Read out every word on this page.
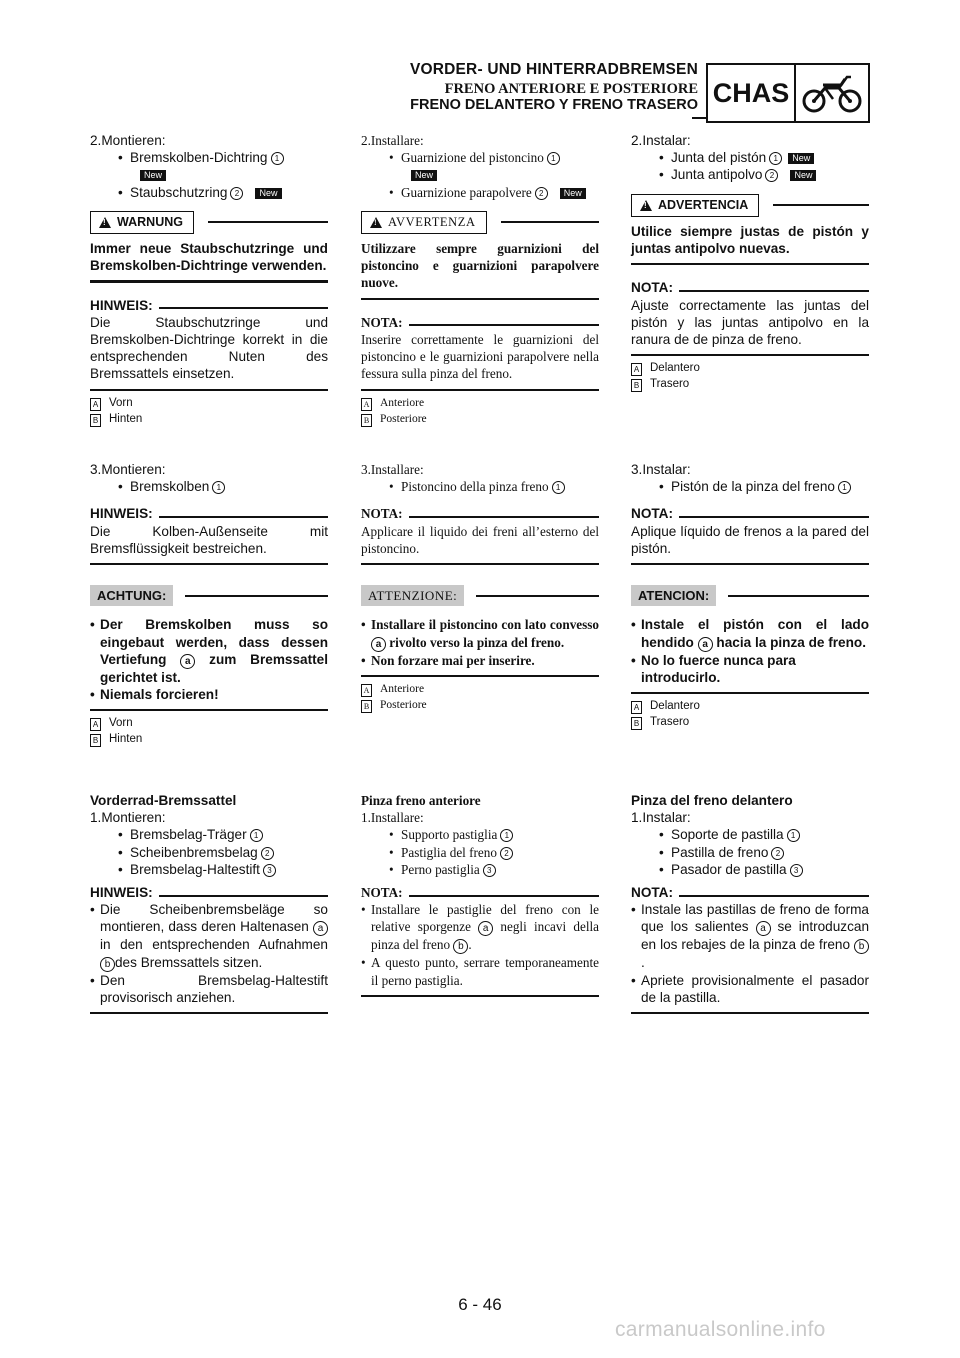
VORDER- UND HINTERRADBREMSEN
FRENO ANTERIORE E POSTERIORE
FRENO DELANTERO Y FRENO TRASERO CHAS
2.Montieren:
• Bremskolben-Dichtring 1
New
• Staubschutzring 2 New
!
WARNUNG
Immer neue Staubschutzringe und Bremskolben-Dichtringe verwenden.
HINWEIS:
Die Staubschutzringe und Bremskolben-Dichtringe korrekt in die entsprechenden Nuten des Bremssattels einsetzen.
A Vorn
B Hinten
2.Installare:
• Guarnizione del pistoncino 1
New
• Guarnizione parapolvere 2 New
!
AVVERTENZA
Utilizzare sempre guarnizioni del pistoncino e guarnizioni parapolvere nuove.
NOTA:
Inserire correttamente le guarnizioni del pistoncino e le guarnizioni parapolvere nella fessura sulla pinza del freno.
A Anteriore
B Posteriore
2.Instalar:
• Junta del pistón 1 New
• Junta antipolvo 2 New
!
ADVERTENCIA
Utilice siempre justas de pistón y juntas antipolvo nuevas.
NOTA:
Ajuste correctamente las juntas del pistón y las juntas antipolvo en la ranura de de pinza de freno.
A Delantero
B Trasero
6 - 46
carmanualsonline.info
3.Montieren:
• Bremskolben 1
HINWEIS:
Die Kolben-Außenseite mit Bremsflüssigkeit bestreichen.
ACHTUNG:
• Der Bremskolben muss so eingebaut werden, dass dessen Vertiefung a zum Bremssattel gerichtet ist.
• Niemals forcieren!
A Vorn
B Hinten
Vorderrad-Bremssattel
1.Montieren:
• Bremsbelag-Träger 1
• Scheibenbremsbelag 2
• Bremsbelag-Haltestift 3
HINWEIS:
• Die Scheibenbremsbeläge so montieren, dass deren Haltenasen a in den entsprechenden Aufnahmen b des Bremssattels sitzen.
• Den Bremsbelag-Haltestift provisorisch anziehen.
3.Installare:
• Pistoncino della pinza freno 1
NOTA:
Applicare il liquido dei freni all’esterno del pistoncino.
ATTENZIONE:
• Installare il pistoncino con lato convesso a rivolto verso la pinza del freno.
• Non forzare mai per inserire.
A Anteriore
B Posteriore
Pinza freno anteriore
1.Installare:
• Supporto pastiglia 1
• Pastiglia del freno 2
• Perno pastiglia 3
NOTA:
• Installare le pastiglie del freno con le relative sporgenze a negli incavi della pinza del freno b .
• A questo punto, serrare temporaneamente il perno pastiglia.
3.Instalar:
• Pistón de la pinza del freno 1
NOTA:
Aplique líquido de frenos a la pared del pistón.
ATENCION:
• Instale el pistón con el lado hendido a hacia la pinza de freno.
• No lo fuerce nunca para introducirlo.
A Delantero
B Trasero
Pinza del freno delantero
1.Instalar:
• Soporte de pastilla 1
• Pastilla de freno 2
• Pasador de pastilla 3
NOTA:
• Instale las pastillas de freno de forma que los salientes a se introduzcan en los rebajes de la pinza de freno b.
• Apriete provisionalmente el pasador de la pastilla.
